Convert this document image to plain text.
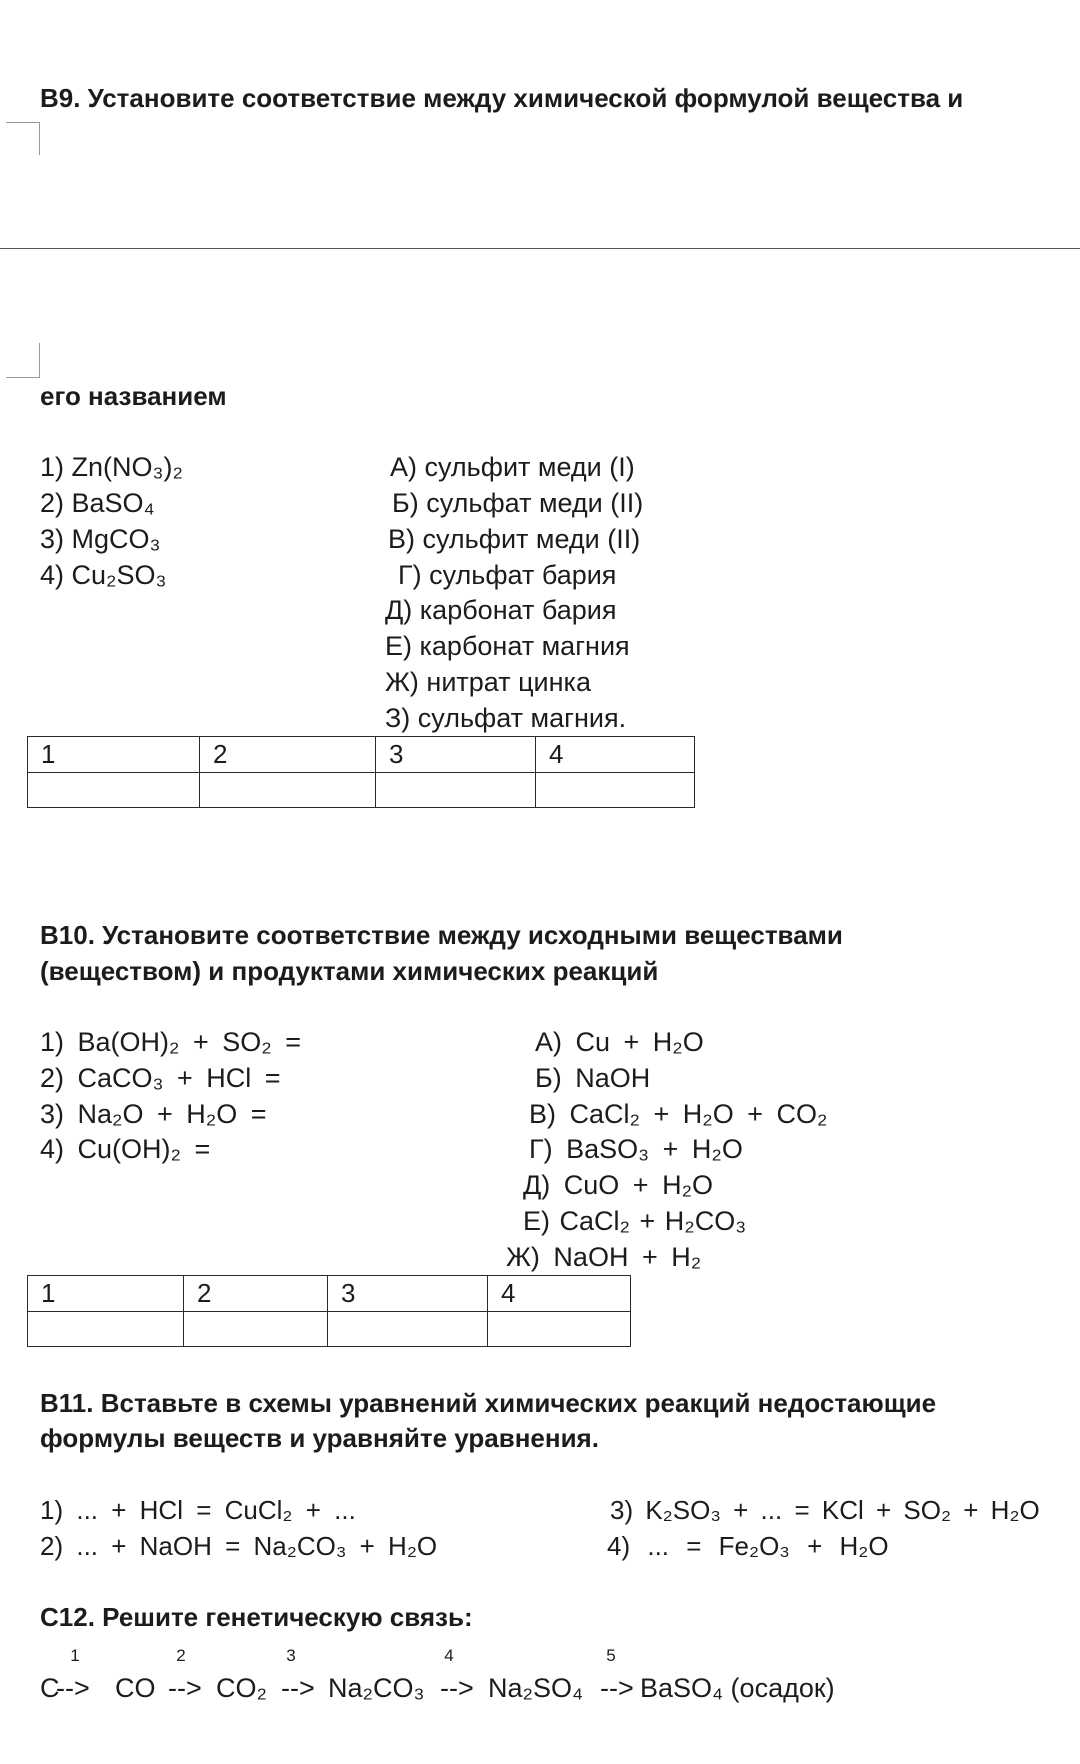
В9. Установите соответствие между химической формулой вещества и
его названием
1) Zn(NO₃)₂
2) BaSO₄
3) MgCO₃
4) Cu₂SO₃
А) сульфит меди (I)
Б) сульфат меди (II)
В) сульфит меди (II)
Г) сульфат бария
Д) карбонат бария
Е) карбонат магния
Ж) нитрат цинка
З) сульфат магния.
1	2	3	4

В10. Установите соответствие между исходными веществами
(веществом) и продуктами химических реакций
1) Ba(OH)₂ + SO₂ =
2) CaCO₃ + HCl =
3) Na₂O + H₂O =
4) Cu(OH)₂ =
А) Cu + H₂O
Б) NaOH
В) CaCl₂ + H₂O + CO₂
Г) BaSO₃ + H₂O
Д) CuO + H₂O
Е) CaCl₂ + H₂CO₃
Ж) NaOH + H₂
1	2	3	4

В11. Вставьте в схемы уравнений химических реакций недостающие
формулы веществ и уравняйте уравнения.
1) ... + HCl = CuCl₂ + ...
2) ... + NaOH = Na₂CO₃ + H₂O
3) K₂SO₃ + ... = KCl + SO₂ + H₂O
4) ... = Fe₂O₃ + H₂O
С12. Решите генетическую связь:
1	2	3	4	5
C
--> CO --> CO₂ --> Na₂CO₃ --> Na₂SO₄ --> BaSO₄ (осадок)
